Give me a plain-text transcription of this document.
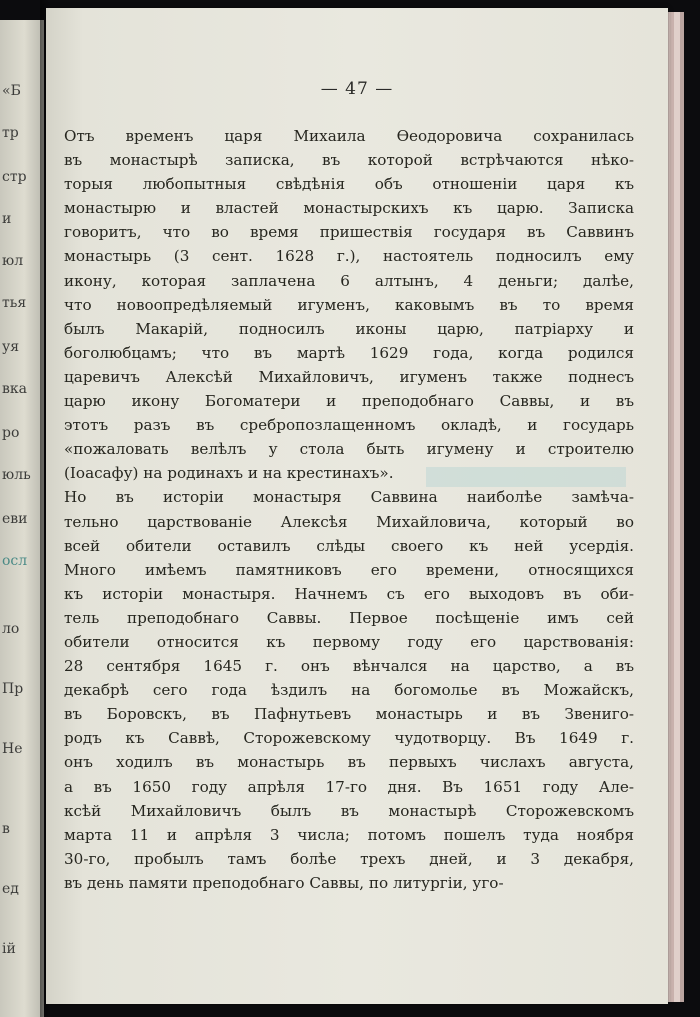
«Б
тр
стр
и
юл
тья
уя
вка
ро
юль
еви
осл
ло
Пр
Не
в
ед
ій
— 47 —
Отъ временъ царя Михаила Ѳеодоровича сохранилась
въ монастырѣ записка, въ которой встрѣчаются нѣко-
торыя любопытныя свѣдѣнія объ отношеніи царя къ
монастырю и властей монастырскихъ къ царю. Записка
говоритъ, что во время пришествія государя въ Саввинъ
монастырь (3 сент. 1628 г.), настоятель подносилъ ему
икону, которая заплачена 6 алтынъ, 4 деньги; далѣе,
что новоопредѣляемый игуменъ, каковымъ въ то время
былъ Макарій, подносилъ иконы царю, патріарху и
боголюбцамъ; что въ мартѣ 1629 года, когда родился
царевичъ Алексѣй Михайловичъ, игуменъ также поднесъ
царю икону Богоматери и преподобнаго Саввы, и въ
этотъ разъ въ сребропозлащенномъ окладѣ, и государь
«пожаловать велѣлъ у стола быть игумену и строителю
(Іоасафу) на родинахъ и на крестинахъ».
Но въ исторіи монастыря Саввина наиболѣе замѣча-
тельно царствованіе Алексѣя Михайловича, который во
всей обители оставилъ слѣды своего къ ней усердія.
Много имѣемъ памятниковъ его времени, относящихся
къ исторіи монастыря. Начнемъ съ его выходовъ въ оби-
тель преподобнаго Саввы. Первое посѣщеніе имъ сей
обители относится къ первому году его царствованія:
28 сентября 1645 г. онъ вѣнчался на царство, а въ
декабрѣ сего года ѣздилъ на богомолье въ Можайскъ,
въ Боровскъ, въ Пафнутьевъ монастырь и въ Звениго-
родъ къ Саввѣ, Сторожевскому чудотворцу. Въ 1649 г.
онъ ходилъ въ монастырь въ первыхъ числахъ августа,
а въ 1650 году апрѣля 17-го дня. Въ 1651 году Але-
ксѣй Михайловичъ былъ въ монастырѣ Сторожевскомъ
марта 11 и апрѣля 3 числа; потомъ пошелъ туда ноября
30-го, пробылъ тамъ болѣе трехъ дней, и 3 декабря,
въ день памяти преподобнаго Саввы, по литургіи, уго-
